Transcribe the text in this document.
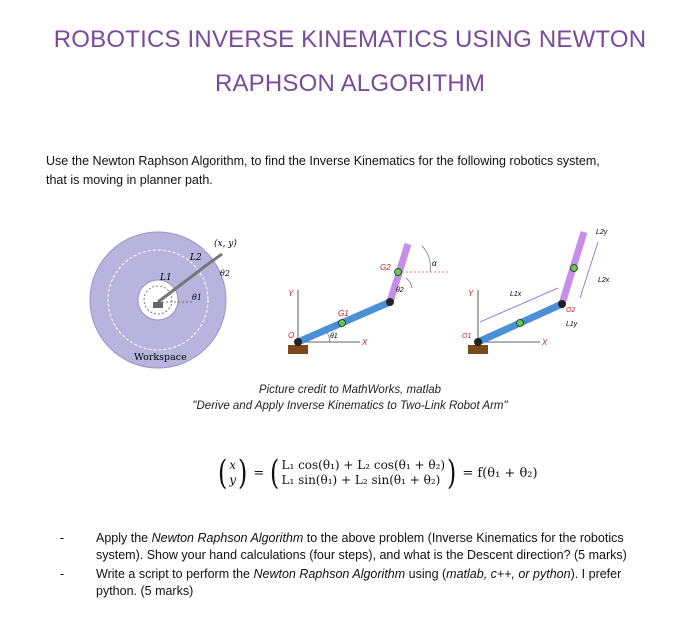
ROBOTICS INVERSE KINEMATICS USING NEWTON
RAPHSON ALGORITHM
Use the Newton Raphson Algorithm, to find the Inverse Kinematics for the following robotics system,
that is moving in planner path.
L1
L2
(x, y)
θ1
θ2
Workspace
O
X
Y
G1
G2
θ1
θ2
α
O1
O2
X
Y	L1x
L1y
L2x
L2y
Picture credit to MathWorks, matlab
"Derive and Apply Inverse Kinematics to Two-Link Robot Arm"
( x
y ) = ( L₁ cos(θ₁) + L₂ cos(θ₁ + θ₂)
L₁ sin(θ₁) + L₂ sin(θ₁ + θ₂) ) = f(θ₁ + θ₂)
-	Apply the Newton Raphson Algorithm to the above problem (Inverse Kinematics for the robotics system). Show your hand calculations (four steps), and what is the Descent direction? (5 marks)
-	Write a script to perform the Newton Raphson Algorithm using (matlab, c++, or python). I prefer python. (5 marks)
